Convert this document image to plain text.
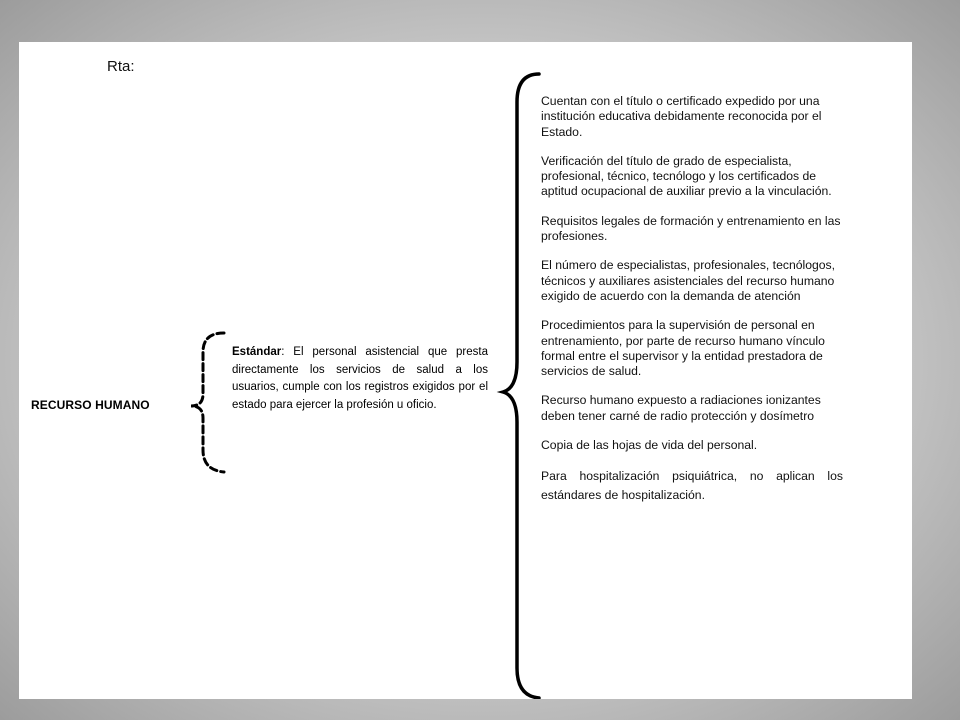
Rta:
RECURSO HUMANO
Estándar: El personal asistencial que presta directamente los servicios de salud a los usuarios, cumple con los registros exigidos por el estado para ejercer la profesión u oficio.

Cuentan con el título o certificado expedido por una institución educativa debidamente reconocida por el Estado.

Verificación del título de grado de especialista, profesional, técnico, tecnólogo y los certificados de aptitud ocupacional de auxiliar previo a la vinculación.

Requisitos legales de formación y entrenamiento en las profesiones.

El número de especialistas, profesionales, tecnólogos, técnicos y auxiliares asistenciales del recurso humano exigido de acuerdo con la demanda de atención

Procedimientos para la supervisión de personal en entrenamiento, por parte de recurso humano vínculo formal entre el supervisor y la entidad prestadora de servicios de salud.

Recurso humano expuesto a radiaciones ionizantes deben tener carné de radio protección y dosímetro

Copia de las hojas de vida del personal.

Para hospitalización psiquiátrica, no aplican los estándares de hospitalización.
